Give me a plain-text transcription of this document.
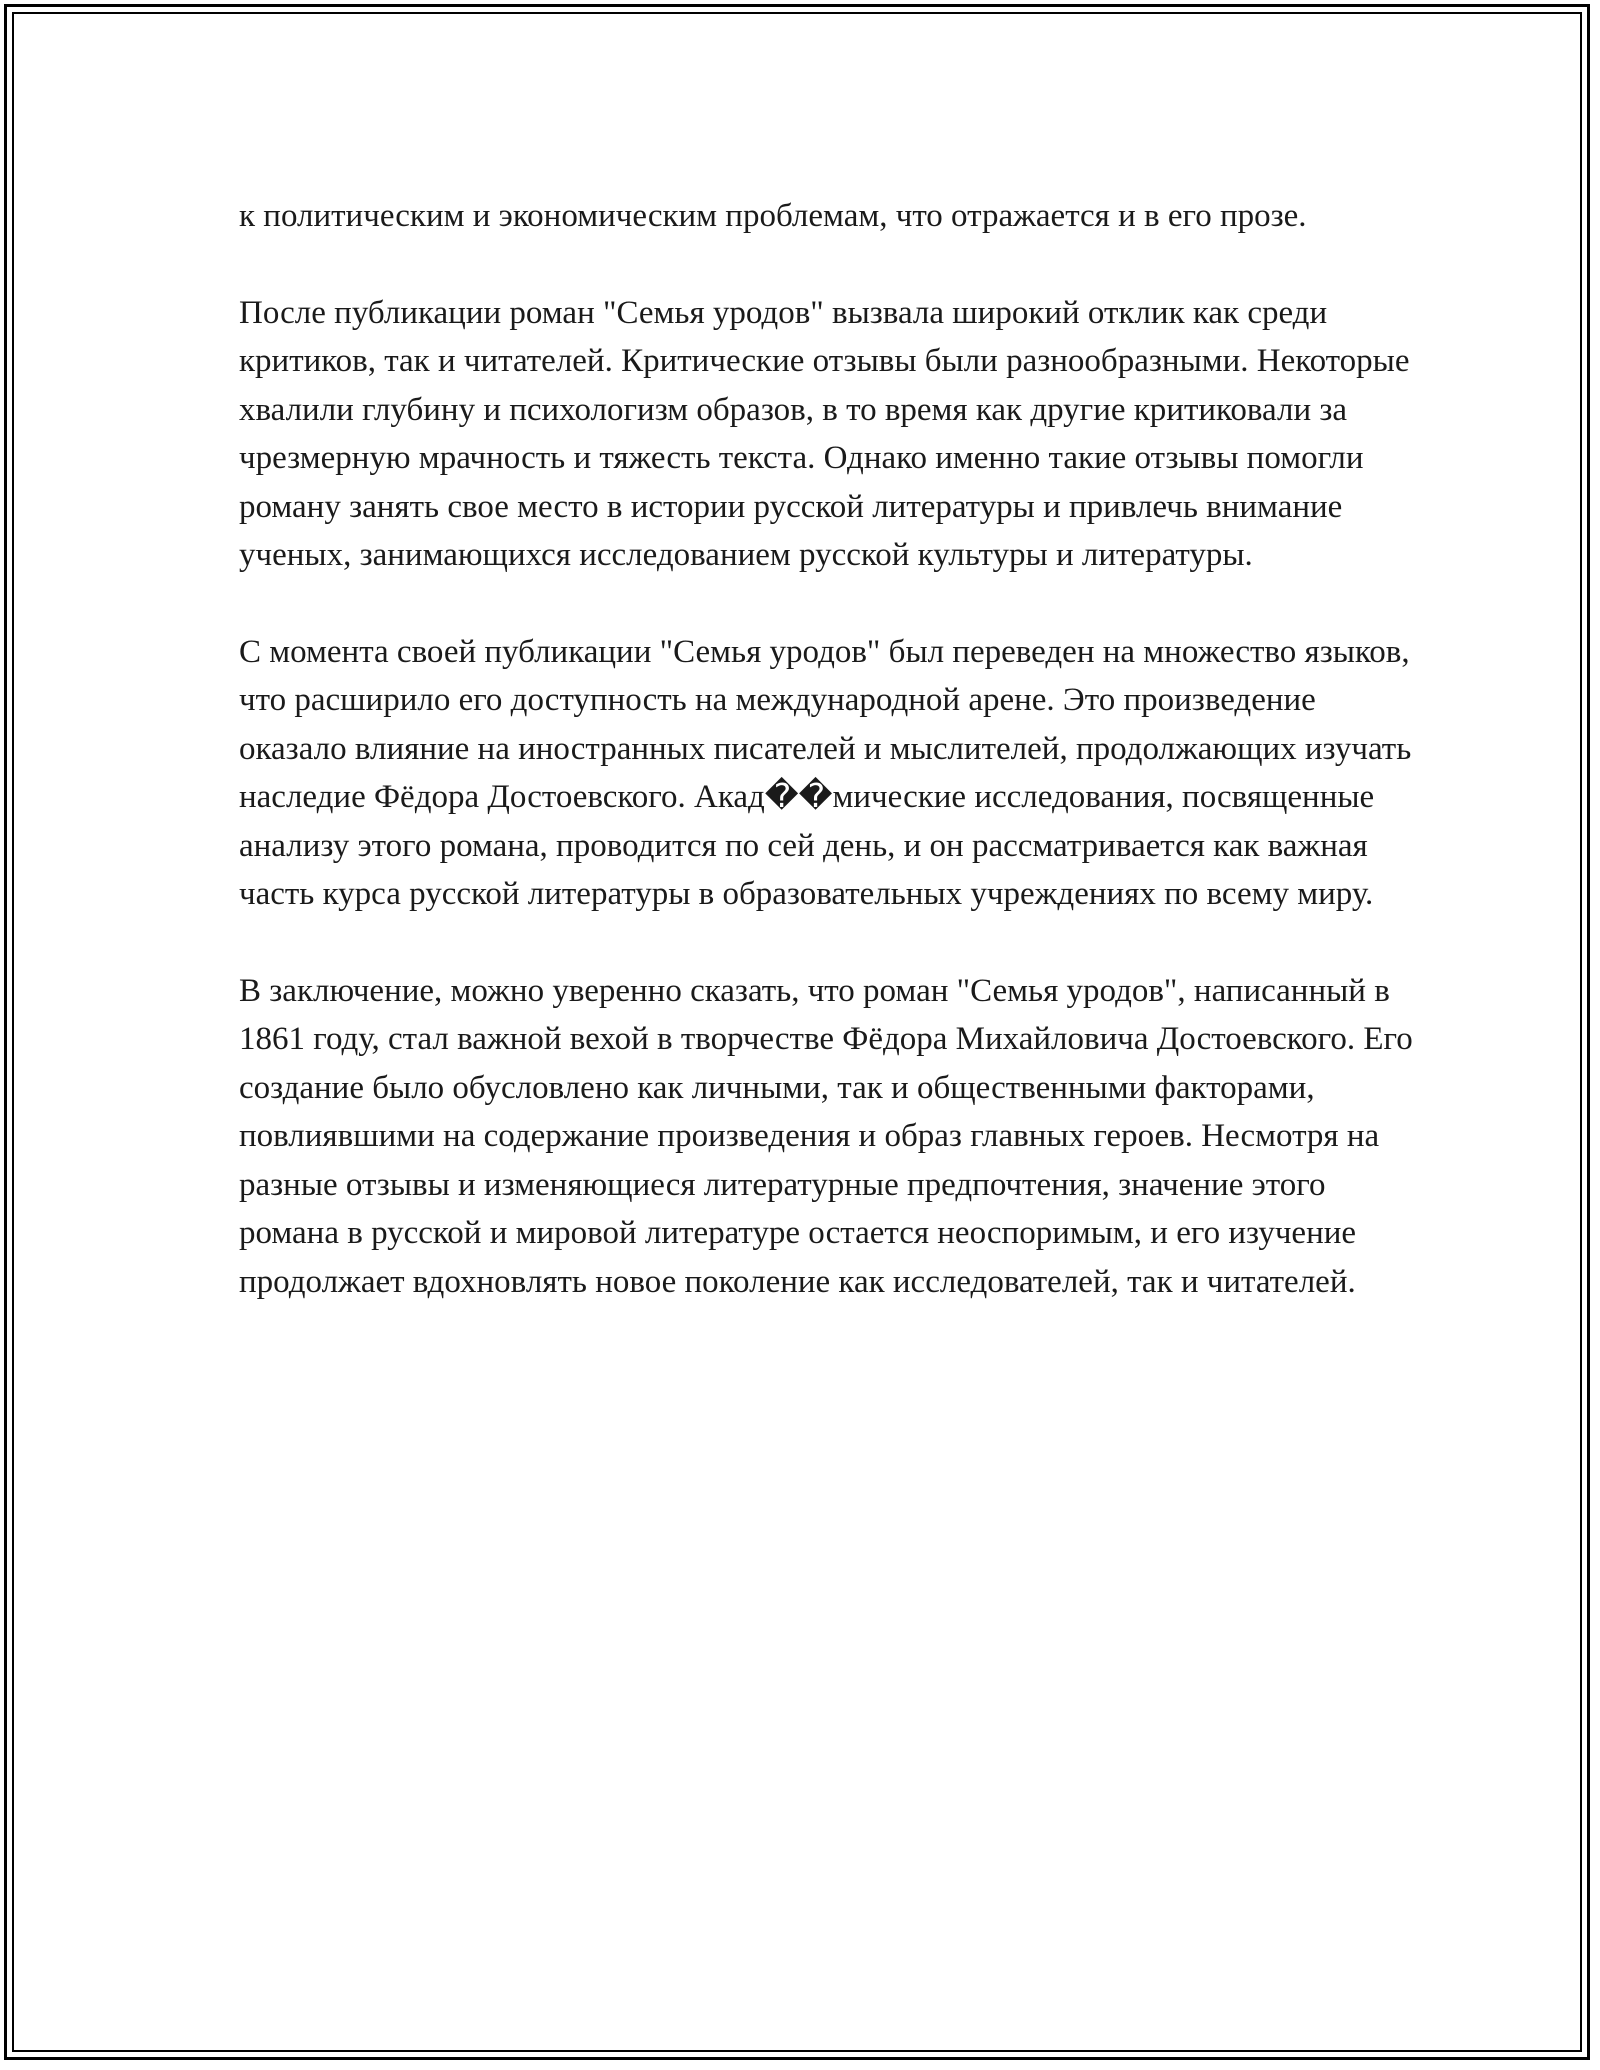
к политическим и экономическим проблемам, что отражается и в его прозе.

После публикации роман "Семья уродов" вызвала широкий отклик как среди критиков, так и читателей. Критические отзывы были разнообразными. Некоторые хвалили глубину и психологизм образов, в то время как другие критиковали за чрезмерную мрачность и тяжесть текста. Однако именно такие отзывы помогли роману занять свое место в истории русской литературы и привлечь внимание ученых, занимающихся исследованием русской культуры и литературы.

С момента своей публикации "Семья уродов" был переведен на множество языков, что расширило его доступность на международной арене. Это произведение оказало влияние на иностранных писателей и мыслителей, продолжающих изучать наследие Фёдора Достоевского. Акад��мические исследования, посвященные анализу этого романа, проводится по сей день, и он рассматривается как важная часть курса русской литературы в образовательных учреждениях по всему миру.

В заключение, можно уверенно сказать, что роман "Семья уродов", написанный в 1861 году, стал важной вехой в творчестве Фёдора Михайловича Достоевского. Его создание было обусловлено как личными, так и общественными факторами, повлиявшими на содержание произведения и образ главных героев. Несмотря на разные отзывы и изменяющиеся литературные предпочтения, значение этого романа в русской и мировой литературе остается неоспоримым, и его изучение продолжает вдохновлять новое поколение как исследователей, так и читателей.
